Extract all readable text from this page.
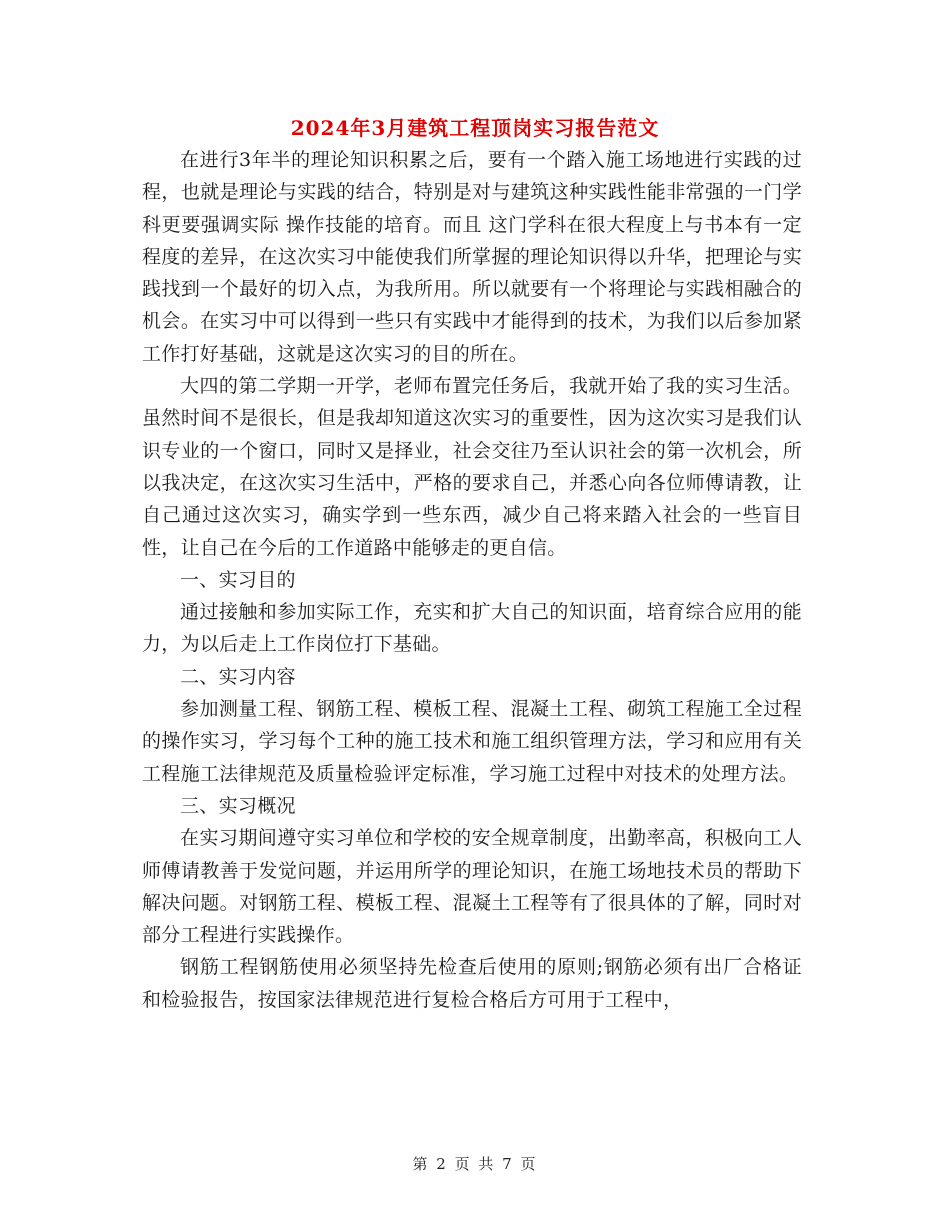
2024年3月建筑工程顶岗实习报告范文

在进行3年半的理论知识积累之后，要有一个踏入施工场地进行实践的过程，也就是理论与实践的结合，特别是对与建筑这种实践性能非常强的一门学科更要强调实际 操作技能的培育。而且 这门学科在很大程度上与书本有一定程度的差异，在这次实习中能使我们所掌握的理论知识得以升华，把理论与实践找到一个最好的切入点，为我所用。所以就要有一个将理论与实践相融合的机会。在实习中可以得到一些只有实践中才能得到的技术，为我们以后参加紧工作打好基础，这就是这次实习的目的所在。

大四的第二学期一开学，老师布置完任务后，我就开始了我的实习生活。虽然时间不是很长，但是我却知道这次实习的重要性，因为这次实习是我们认识专业的一个窗口，同时又是择业，社会交往乃至认识社会的第一次机会，所以我决定，在这次实习生活中，严格的要求自己，并悉心向各位师傅请教，让自己通过这次实习，确实学到一些东西，减少自己将来踏入社会的一些盲目性，让自己在今后的工作道路中能够走的更自信。

一、实习目的

通过接触和参加实际工作，充实和扩大自己的知识面，培育综合应用的能力，为以后走上工作岗位打下基础。

二、实习内容

参加测量工程、钢筋工程、模板工程、混凝土工程、砌筑工程施工全过程的操作实习，学习每个工种的施工技术和施工组织管理方法，学习和应用有关工程施工法律规范及质量检验评定标准，学习施工过程中对技术的处理方法。

三、实习概况

在实习期间遵守实习单位和学校的安全规章制度，出勤率高，积极向工人师傅请教善于发觉问题，并运用所学的理论知识，在施工场地技术员的帮助下解决问题。对钢筋工程、模板工程、混凝土工程等有了很具体的了解，同时对部分工程进行实践操作。

钢筋工程钢筋使用必须坚持先检查后使用的原则;钢筋必须有出厂合格证和检验报告，按国家法律规范进行复检合格后方可用于工程中，

第 2 页 共 7 页
